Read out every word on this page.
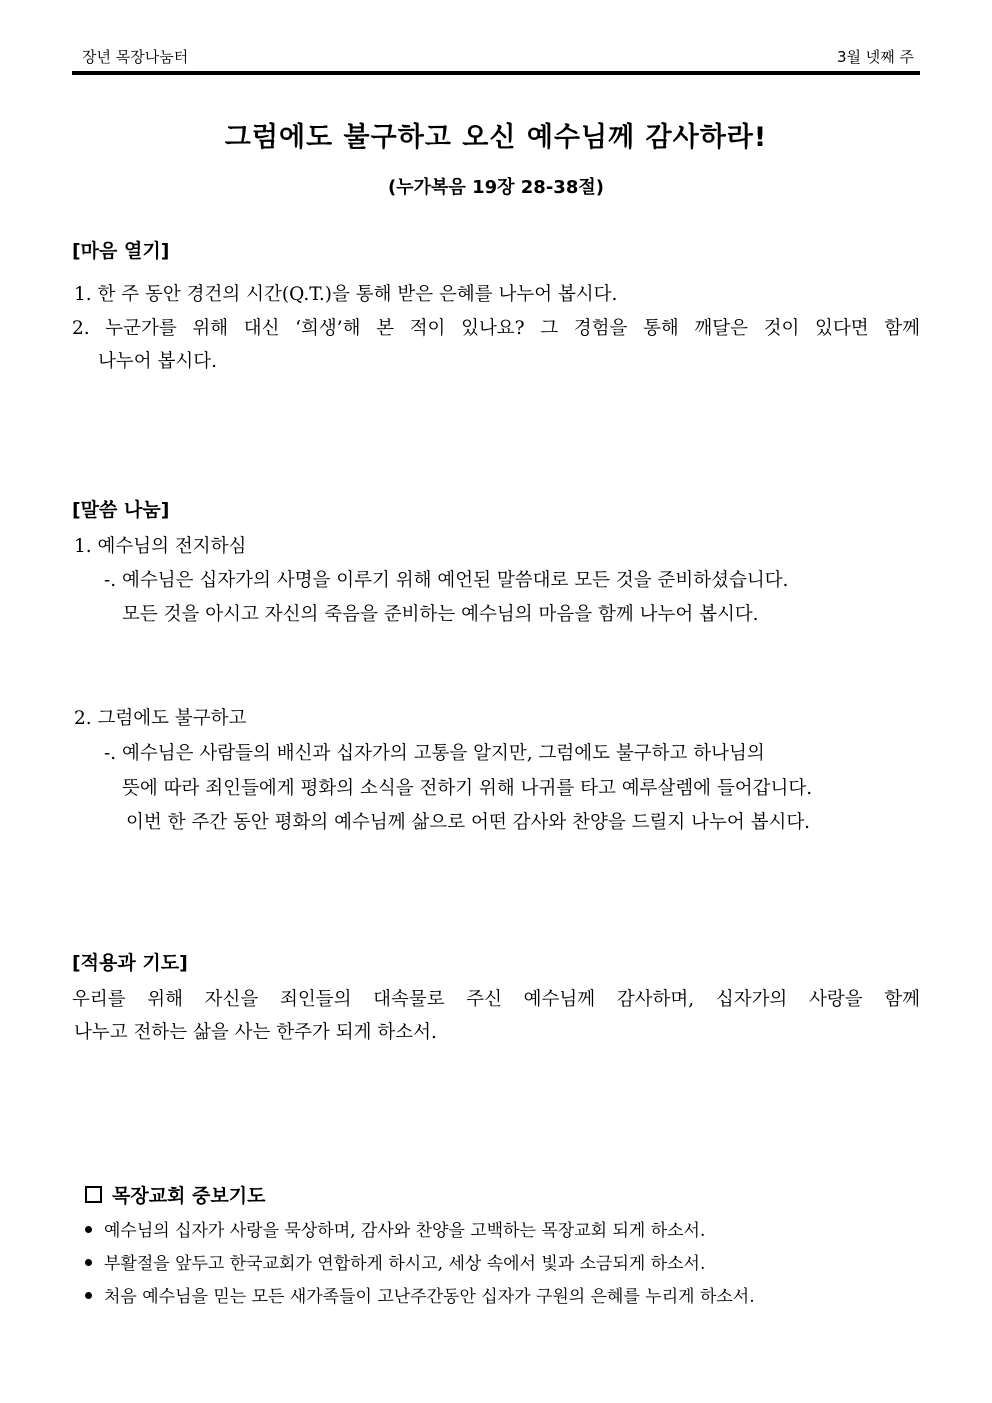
장년 목장나눔터	3월 넷째 주
그럼에도 불구하고 오신 예수님께 감사하라!
(누가복음 19장 28-38절)
[마음 열기]
1. 한 주 동안 경건의 시간(Q.T.)을 통해 받은 은혜를 나누어 봅시다.
2. 누군가를 위해 대신 ‘희생’해 본 적이 있나요? 그 경험을 통해 깨달은 것이 있다면 함께
나누어 봅시다.
[말씀 나눔]
1. 예수님의 전지하심
-. 예수님은 십자가의 사명을 이루기 위해 예언된 말씀대로 모든 것을 준비하셨습니다.
모든 것을 아시고 자신의 죽음을 준비하는 예수님의 마음을 함께 나누어 봅시다.
2. 그럼에도 불구하고
-. 예수님은 사람들의 배신과 십자가의 고통을 알지만, 그럼에도 불구하고 하나님의
뜻에 따라 죄인들에게 평화의 소식을 전하기 위해 나귀를 타고 예루살렘에 들어갑니다.
이번 한 주간 동안 평화의 예수님께 삶으로 어떤 감사와 찬양을 드릴지 나누어 봅시다.
[적용과 기도]
우리를 위해 자신을 죄인들의 대속물로 주신 예수님께 감사하며, 십자가의 사랑을 함께
나누고 전하는 삶을 사는 한주가 되게 하소서.
목장교회 중보기도
예수님의 십자가 사랑을 묵상하며, 감사와 찬양을 고백하는 목장교회 되게 하소서.
부활절을 앞두고 한국교회가 연합하게 하시고, 세상 속에서 빛과 소금되게 하소서.
처음 예수님을 믿는 모든 새가족들이 고난주간동안 십자가 구원의 은혜를 누리게 하소서.
